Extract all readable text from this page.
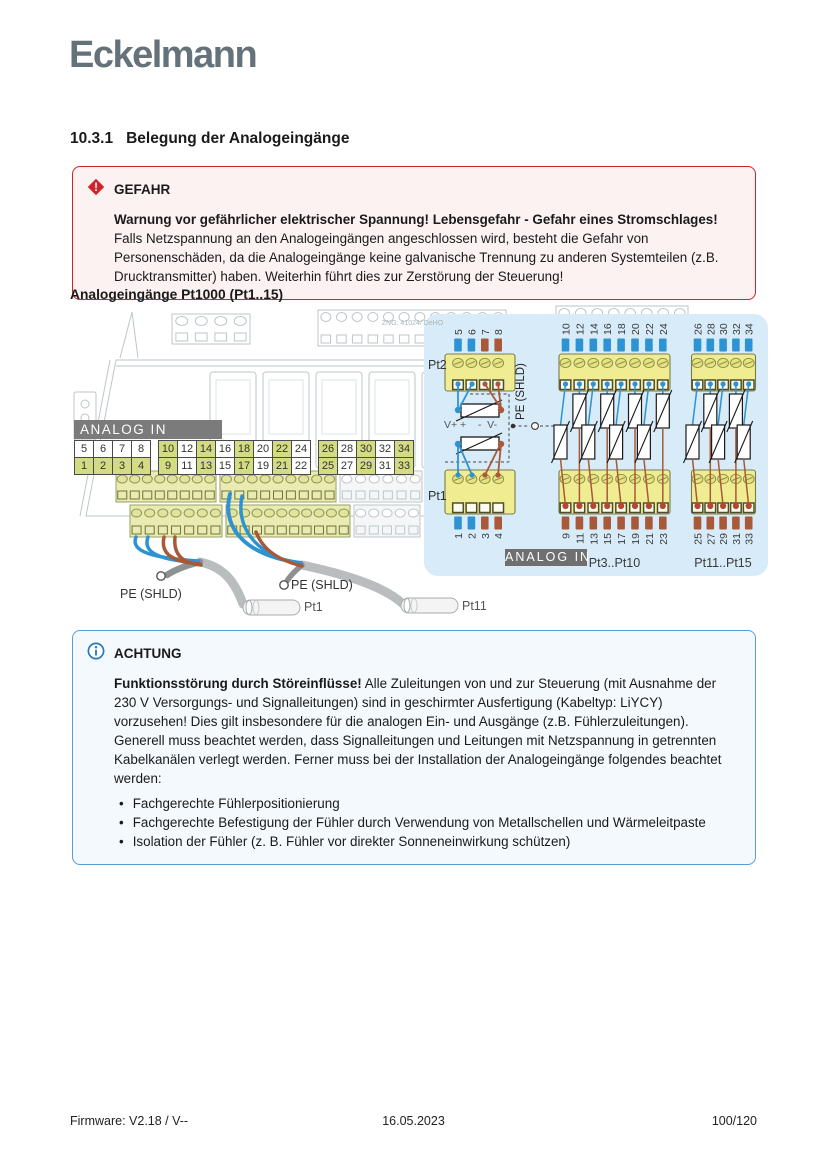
Eckelmann
10.3.1 Belegung der Analogeingänge
! GEFAHR

Warnung vor gefährlicher elektrischer Spannung! Lebensgefahr - Gefahr eines Stromschlages!
Falls Netzspannung an den Analogeingängen angeschlossen wird, besteht die Gefahr von Personenschäden, da die Analogeingänge keine galvanische Trennung zu anderen Systemteilen (z.B. Drucktransmitter) haben. Weiterhin führt dies zur Zerstörung der Steuerung!

Analogeingänge Pt1000 (Pt1..15)
5 6 7 8	10 12 14 16 18 20 22 24 26 28 30 32 34
1 2 3 4	9 11 13 15 17 19 21 23 25 27 29 31 33
ZNG: 41024/ DeHO
ANALOG IN
5	6	7	8
1	2	3	4
10	12	14	16	18	20	22	24
9	11	13	15	17	19	21	22
26	28	30	32	34
25	27	29	31	33
Pt2
Pt1
V+ +    -  V-
PE (SHLD)
ANALOG IN
Pt3..Pt10	Pt11..Pt15
PE (SHLD)
PE (SHLD)
Pt1	Pt11
ACHTUNG
Funktionsstörung durch Störeinflüsse! Alle Zuleitungen von und zur Steuerung (mit Ausnahme der 230 V Versorgungs- und Signalleitungen) sind in geschirmter Ausfertigung (Kabeltyp: LiYCY) vorzusehen! Dies gilt insbesondere für die analogen Ein- und Ausgänge (z.B. Fühlerzuleitungen). Generell muss beachtet werden, dass Signalleitungen und Leitungen mit Netzspannung in getrennten Kabelkanälen verlegt werden. Ferner muss bei der Installation der Analogeingänge folgendes beachtet werden:
• Fachgerechte Fühlerpositionierung
• Fachgerechte Befestigung der Fühler durch Verwendung von Metallschellen und Wärmeleitpaste
• Isolation der Fühler (z. B. Fühler vor direkter Sonneneinwirkung schützen)
Firmware: V2.18 / V--	16.05.2023	100/120
